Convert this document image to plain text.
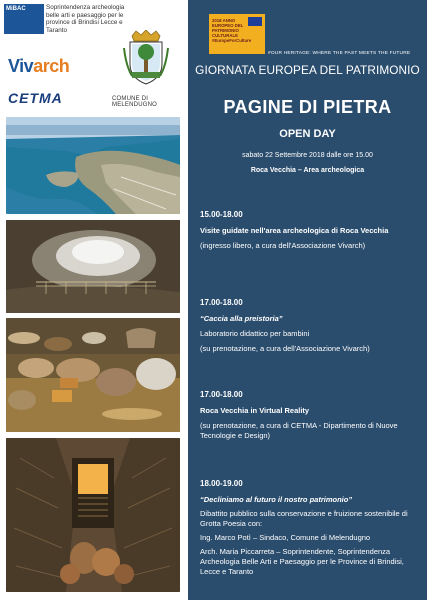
MiBAC	Soprintendenza archeologia belle arti e paesaggio per le province di Brindisi Lecce e Taranto
Vivarch
CETMA	COMUNE DI MELENDUGNO
2018 ANNO EUROPEO DEL PATRIMONIO CULTURALE #EuropeForCulture
#OUR HERITAGE: WHERE THE PAST MEETS THE FUTURE
GIORNATA EUROPEA DEL PATRIMONIO
PAGINE DI PIETRA
OPEN DAY
sabato 22 Settembre 2018 dalle ore 15.00
Roca Vecchia – Area archeologica
15.00-18.00
Visite guidate nell'area archeologica di Roca Vecchia
(ingresso libero, a cura dell'Associazione Vivarch)
17.00-18.00
“Caccia alla preistoria”
Laboratorio didattico per bambini
(su prenotazione, a cura dell'Associazione Vivarch)
17.00-18.00
Roca Vecchia in Virtual Reality
(su prenotazione, a cura di CETMA - Dipartimento di Nuove Tecnologie e Design)
18.00-19.00
“Decliniamo al futuro il nostro patrimonio”
Dibattito pubblico sulla conservazione e fruizione sostenibile di Grotta Poesia con:
Ing. Marco Potì – Sindaco, Comune di Melendugno
Arch. Maria Piccarreta – Soprintendente, Soprintendenza Archeologia Belle Arti e Paesaggio per le Province di Brindisi, Lecce e Taranto
